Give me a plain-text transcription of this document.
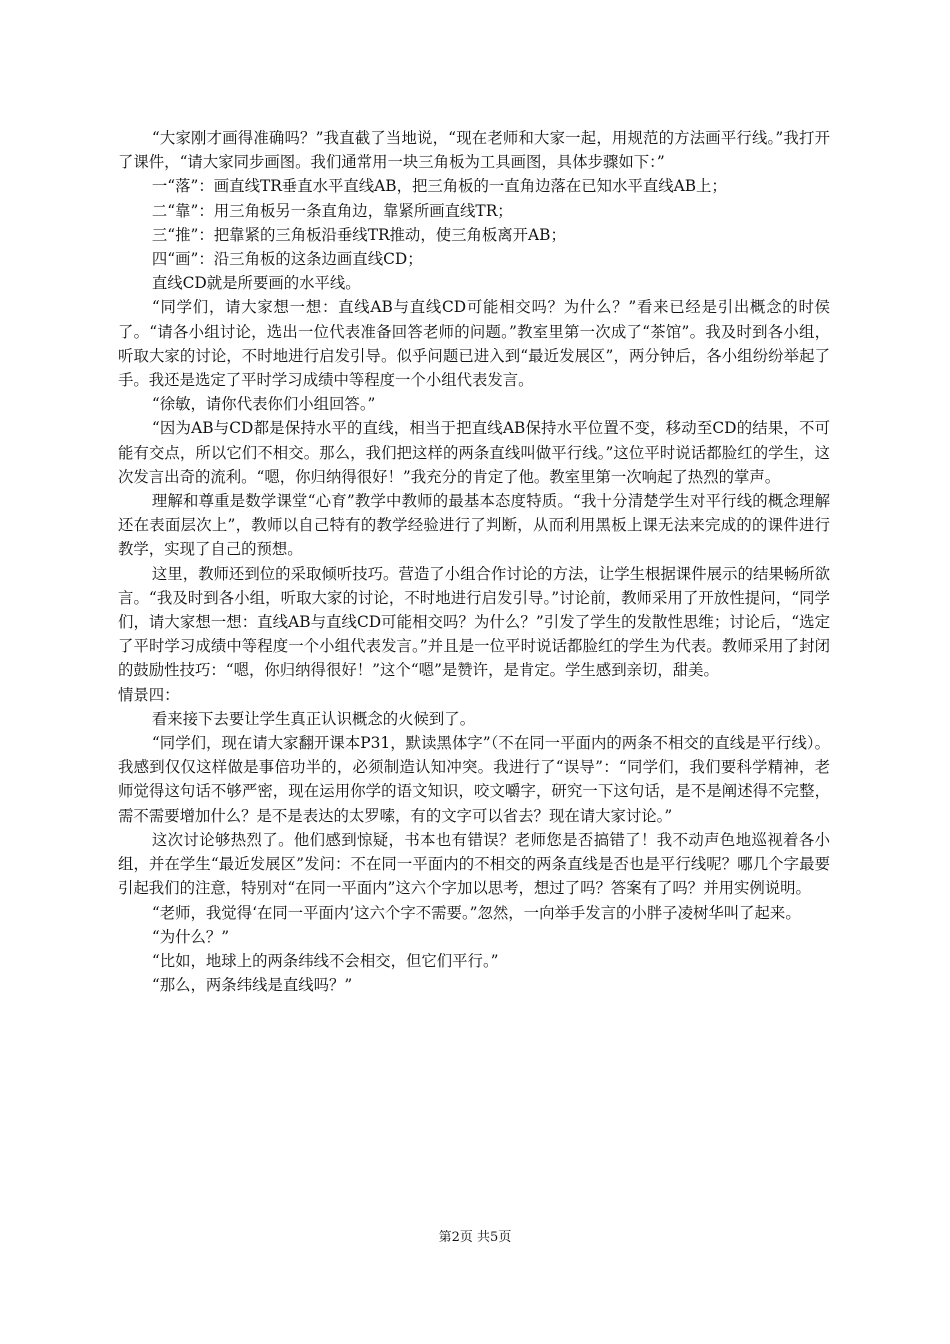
“大家刚才画得准确吗？”我直截了当地说，“现在老师和大家一起，用规范的方法画平行线。”我打开了课件，“请大家同步画图。我们通常用一块三角板为工具画图，具体步骤如下：”

一“落”：画直线TR垂直水平直线AB，把三角板的一直角边落在已知水平直线AB上；

二“靠”：用三角板另一条直角边，靠紧所画直线TR；

三“推”：把靠紧的三角板沿垂线TR推动，使三角板离开AB；

四“画”：沿三角板的这条边画直线CD；

直线CD就是所要画的水平线。

“同学们，请大家想一想：直线AB与直线CD可能相交吗？为什么？”看来已经是引出概念的时侯了。“请各小组讨论，选出一位代表准备回答老师的问题。”教室里第一次成了“茶馆”。我及时到各小组，听取大家的讨论，不时地进行启发引导。似乎问题已进入到“最近发展区”，两分钟后，各小组纷纷举起了手。我还是选定了平时学习成绩中等程度一个小组代表发言。

“徐敏，请你代表你们小组回答。”

“因为AB与CD都是保持水平的直线，相当于把直线AB保持水平位置不变，移动至CD的结果，不可能有交点，所以它们不相交。那么，我们把这样的两条直线叫做平行线。”这位平时说话都脸红的学生，这次发言出奇的流利。“嗯，你归纳得很好！”我充分的肯定了他。教室里第一次响起了热烈的掌声。

理解和尊重是数学课堂“心育”教学中教师的最基本态度特质。“我十分清楚学生对平行线的概念理解还在表面层次上”，教师以自己特有的教学经验进行了判断，从而利用黑板上课无法来完成的的课件进行教学，实现了自己的预想。

这里，教师还到位的采取倾听技巧。营造了小组合作讨论的方法，让学生根据课件展示的结果畅所欲言。“我及时到各小组，听取大家的讨论，不时地进行启发引导。”讨论前，教师采用了开放性提问，“同学们，请大家想一想：直线AB与直线CD可能相交吗？为什么？”引发了学生的发散性思维；讨论后，“选定了平时学习成绩中等程度一个小组代表发言。”并且是一位平时说话都脸红的学生为代表。教师采用了封闭的鼓励性技巧：“嗯，你归纳得很好！”这个“嗯”是赞许，是肯定。学生感到亲切，甜美。

情景四：

看来接下去要让学生真正认识概念的火候到了。

“同学们，现在请大家翻开课本P31，默读黑体字”（不在同一平面内的两条不相交的直线是平行线）。我感到仅仅这样做是事倍功半的，必须制造认知冲突。我进行了“误导”：“同学们，我们要科学精神，老师觉得这句话不够严密，现在运用你学的语文知识，咬文嚼字，研究一下这句话，是不是阐述得不完整，需不需要增加什么？是不是表达的太罗嗦，有的文字可以省去？现在请大家讨论。”

这次讨论够热烈了。他们感到惊疑，书本也有错误？老师您是否搞错了！我不动声色地巡视着各小组，并在学生“最近发展区”发问：不在同一平面内的不相交的两条直线是否也是平行线呢？哪几个字最要引起我们的注意，特别对“在同一平面内”这六个字加以思考，想过了吗？答案有了吗？并用实例说明。

“老师，我觉得‘在同一平面内’这六个字不需要。”忽然，一向举手发言的小胖子凌树华叫了起来。

“为什么？”

“比如，地球上的两条纬线不会相交，但它们平行。”

“那么，两条纬线是直线吗？”

第2页 共5页
